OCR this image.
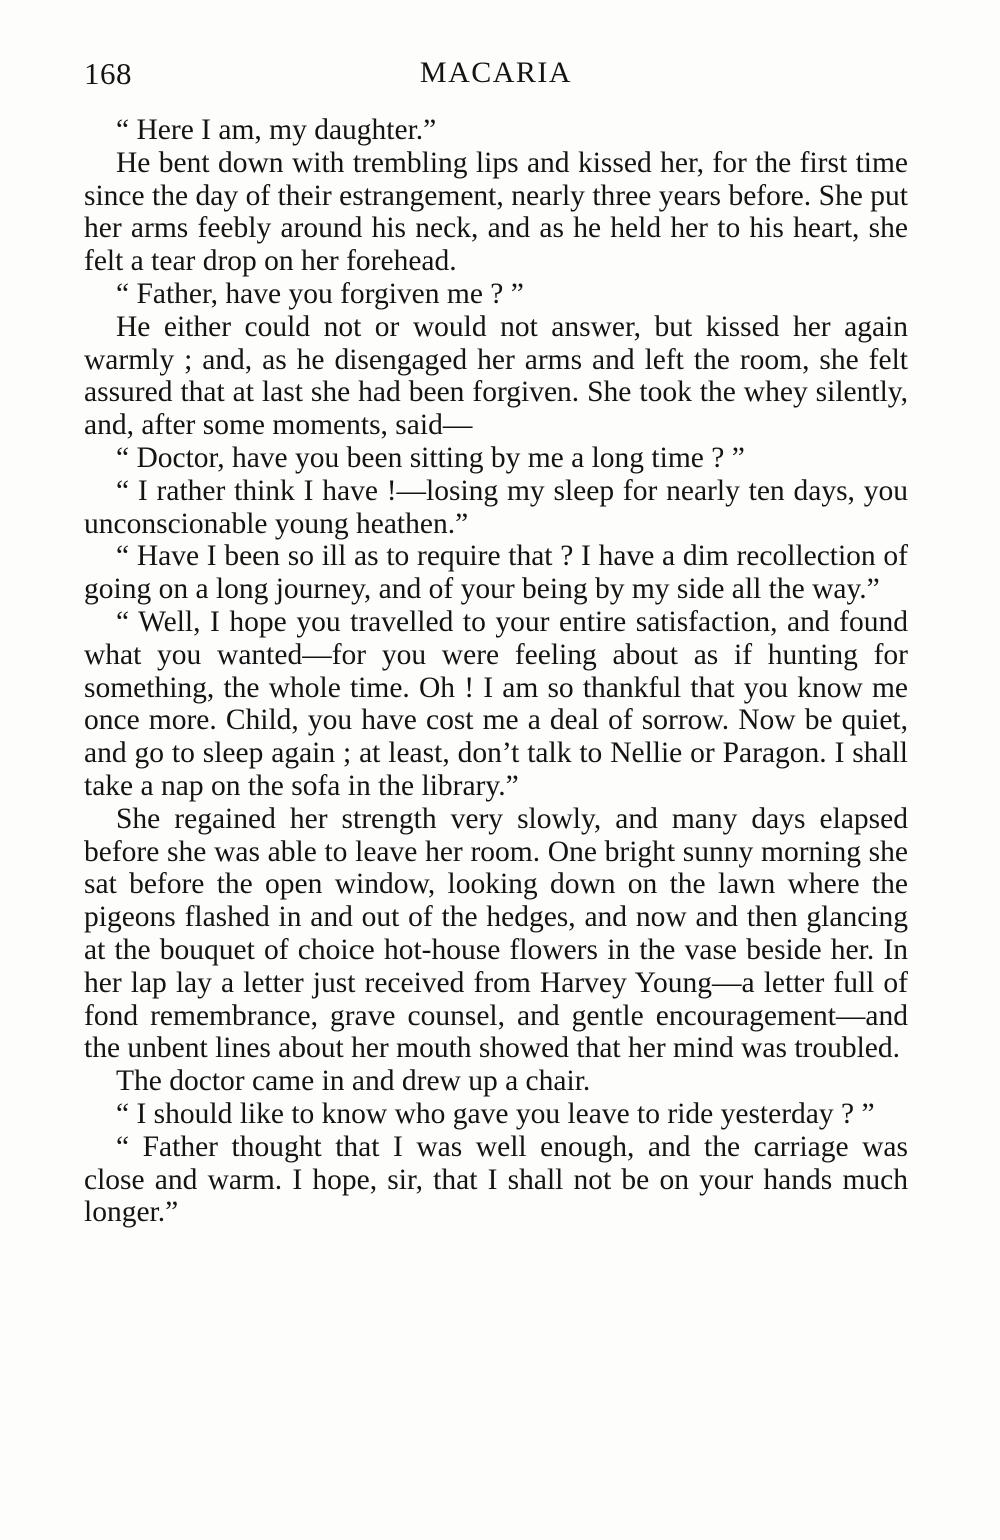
168	MACARIA

“ Here I am, my daughter.”

He bent down with trembling lips and kissed her, for the first time since the day of their estrangement, nearly three years before. She put her arms feebly around his neck, and as he held her to his heart, she felt a tear drop on her forehead.

“ Father, have you forgiven me ? ”

He either could not or would not answer, but kissed her again warmly ; and, as he disengaged her arms and left the room, she felt assured that at last she had been forgiven. She took the whey silently, and, after some moments, said—

“ Doctor, have you been sitting by me a long time ? ”

“ I rather think I have !—losing my sleep for nearly ten days, you unconscionable young heathen.”

“ Have I been so ill as to require that ? I have a dim recollection of going on a long journey, and of your being by my side all the way.”

“ Well, I hope you travelled to your entire satisfaction, and found what you wanted—for you were feeling about as if hunting for something, the whole time. Oh ! I am so thankful that you know me once more. Child, you have cost me a deal of sorrow. Now be quiet, and go to sleep again ; at least, don’t talk to Nellie or Paragon. I shall take a nap on the sofa in the library.”

She regained her strength very slowly, and many days elapsed before she was able to leave her room. One bright sunny morning she sat before the open window, looking down on the lawn where the pigeons flashed in and out of the hedges, and now and then glancing at the bouquet of choice hot-house flowers in the vase beside her. In her lap lay a letter just received from Harvey Young—a letter full of fond remembrance, grave counsel, and gentle encouragement—and the unbent lines about her mouth showed that her mind was troubled.

The doctor came in and drew up a chair.

“ I should like to know who gave you leave to ride yesterday ? ”

“ Father thought that I was well enough, and the carriage was close and warm. I hope, sir, that I shall not be on your hands much longer.”
